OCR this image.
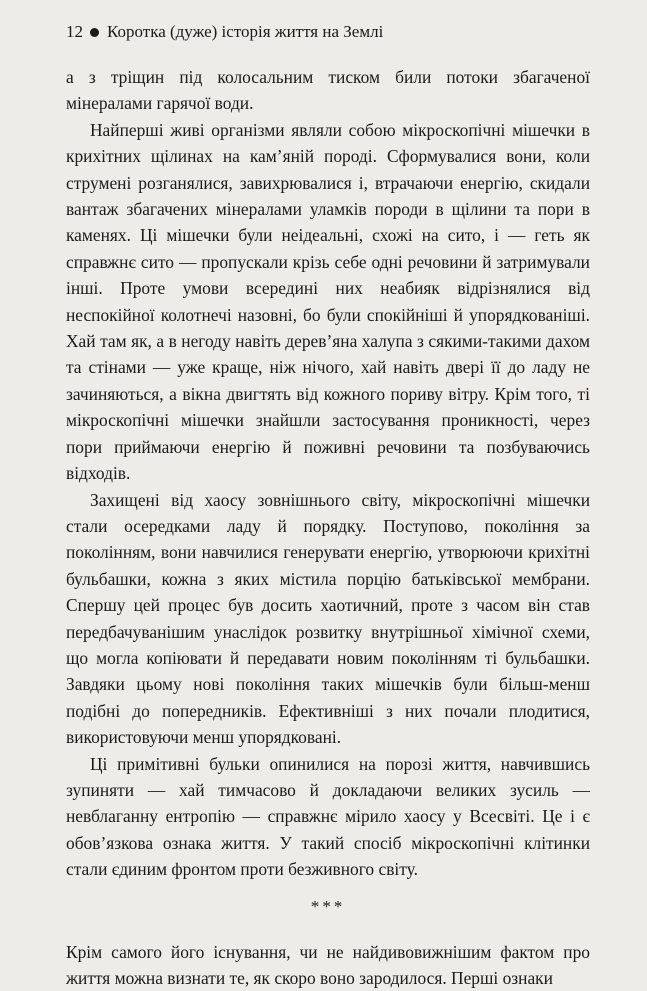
12 Коротка (дуже) історія життя на Землі

а з тріщин під колосальним тиском били потоки збагаченої мінералами гарячої води.

Найперші живі організми являли собою мікроскопічні мішечки в крихітних щілинах на кам’яній породі. Сформувалися вони, коли струмені розганялися, завихрювалися і, втрачаючи енергію, скидали вантаж збагачених мінералами уламків породи в щілини та пори в каменях. Ці мішечки були неідеальні, схожі на сито, і — геть як справжнє сито — пропускали крізь себе одні речовини й затримували інші. Проте умови всередині них неабияк відрізнялися від неспокійної колотнечі назовні, бо були спокійніші й упорядкованіші. Хай там як, а в негоду навіть дерев’яна халупа з сякими-такими дахом та стінами — уже краще, ніж нічого, хай навіть двері її до ладу не зачиняються, а вікна двигтять від кожного пориву вітру. Крім того, ті мікроскопічні мішечки знайшли застосування проникності, через пори приймаючи енергію й поживні речовини та позбуваючись відходів.

Захищені від хаосу зовнішнього світу, мікроскопічні мішечки стали осередками ладу й порядку. Поступово, покоління за поколінням, вони навчилися генерувати енергію, утворюючи крихітні бульбашки, кожна з яких містила порцію батьківської мембрани. Спершу цей процес був досить хаотичний, проте з часом він став передбачуванішим унаслідок розвитку внутрішньої хімічної схеми, що могла копіювати й передавати новим поколінням ті бульбашки. Завдяки цьому нові покоління таких мішечків були більш-менш подібні до попередників. Ефективніші з них почали плодитися, використовуючи менш упорядковані.

Ці примітивні бульки опинилися на порозі життя, навчившись зупиняти — хай тимчасово й докладаючи великих зусиль — невблаганну ентропію — справжнє мірило хаосу у Всесвіті. Це і є обов’язкова ознака життя. У такий спосіб мікроскопічні клітинки стали єдиним фронтом проти безживного світу.

***

Крім самого його існування, чи не найдивовижнішим фактом про життя можна визнати те, як скоро воно зародилося. Перші ознаки
